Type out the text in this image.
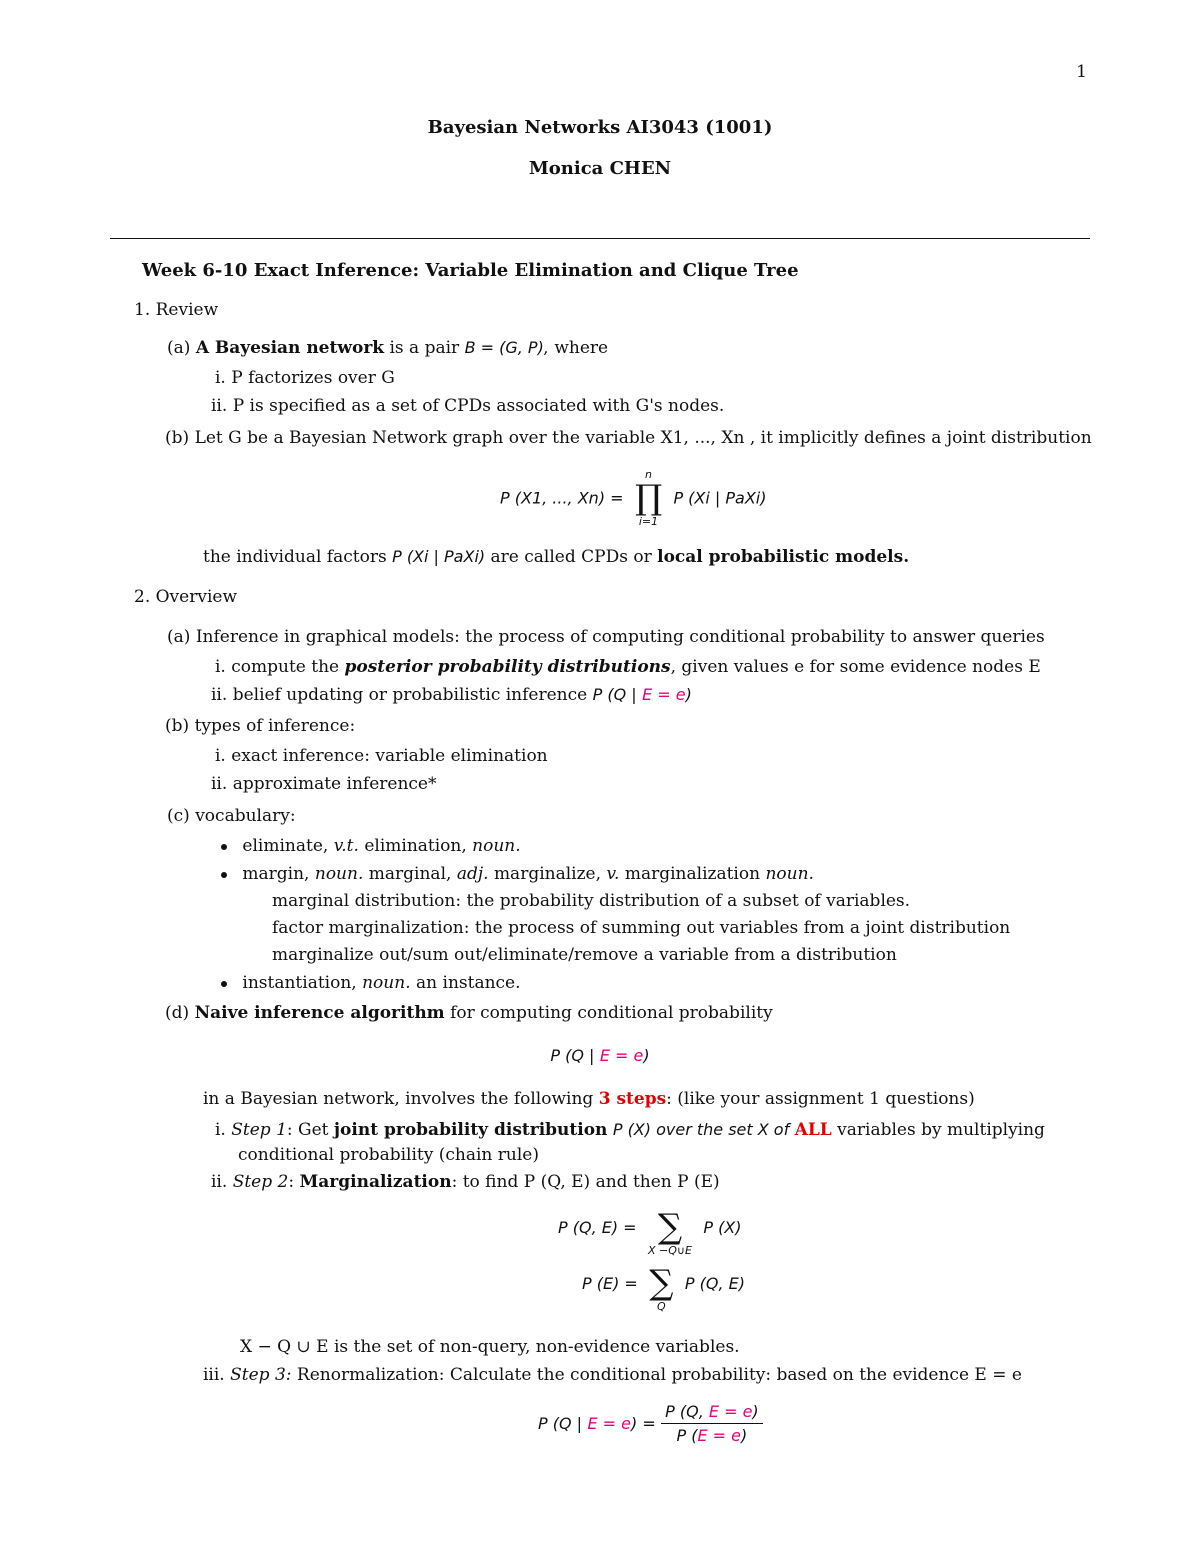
1
Bayesian Networks AI3043 (1001)
Monica CHEN
Week 6-10 Exact Inference: Variable Elimination and Clique Tree
1. Review
(a) A Bayesian network is a pair B = (G, P), where
i. P factorizes over G
ii. P is specified as a set of CPDs associated with G's nodes.
(b) Let G be a Bayesian Network graph over the variable X1, ..., Xn , it implicitly defines a joint distribution
P (X1, ..., Xn) =
n
∏
i=1
P (Xi | PaXi)
the individual factors P (Xi | PaXi) are called CPDs or local probabilistic models.
2. Overview
(a) Inference in graphical models: the process of computing conditional probability to answer queries
i. compute the posterior probability distributions, given values e for some evidence nodes E
ii. belief updating or probabilistic inference P (Q | E = e)
(b) types of inference:
i. exact inference: variable elimination
ii. approximate inference*
(c) vocabulary:
eliminate, v.t. elimination, noun.
margin, noun. marginal, adj. marginalize, v. marginalization noun.
marginal distribution: the probability distribution of a subset of variables.
factor marginalization: the process of summing out variables from a joint distribution
marginalize out/sum out/eliminate/remove a variable from a distribution
instantiation, noun. an instance.
(d) Naive inference algorithm for computing conditional probability
P (Q | E = e)
in a Bayesian network, involves the following 3 steps: (like your assignment 1 questions)
i. Step 1: Get joint probability distribution P (X) over the set X of ALL variables by multiplying
conditional probability (chain rule)
ii. Step 2: Marginalization: to find P (Q, E) and then P (E)
P (Q, E) = ∑
X −Q∪E
P (X)
P (E) = ∑
Q
P (Q, E)
X − Q ∪ E is the set of non-query, non-evidence variables.
iii. Step 3: Renormalization: Calculate the conditional probability: based on the evidence E = e
P (Q | $E = e) = \frac{P (Q, E = e)}{P (E = e)}$
